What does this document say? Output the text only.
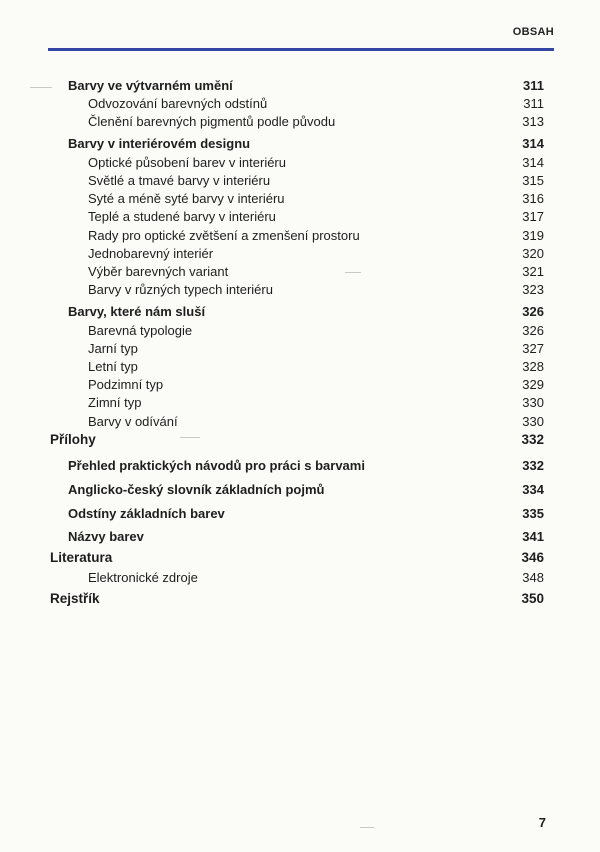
OBSAH
Barvy ve výtvarném umění	311
Odvozování barevných odstínů	311
Členění barevných pigmentů podle původu	313
Barvy v interiérovém designu	314
Optické působení barev v interiéru	314
Světlé a tmavé barvy v interiéru	315
Syté a méně syté barvy v interiéru	316
Teplé a studené barvy v interiéru	317
Rady pro optické zvětšení a zmenšení prostoru	319
Jednobarevný interiér	320
Výběr barevných variant	321
Barvy v různých typech interiéru	323
Barvy, které nám sluší	326
Barevná typologie	326
Jarní typ	327
Letní typ	328
Podzimní typ	329
Zimní typ	330
Barvy v odívání	330
Přílohy	332
Přehled praktických návodů pro práci s barvami	332
Anglicko-český slovník základních pojmů	334
Odstíny základních barev	335
Názvy barev	341
Literatura	346
Elektronické zdroje	348
Rejstřík	350
7
